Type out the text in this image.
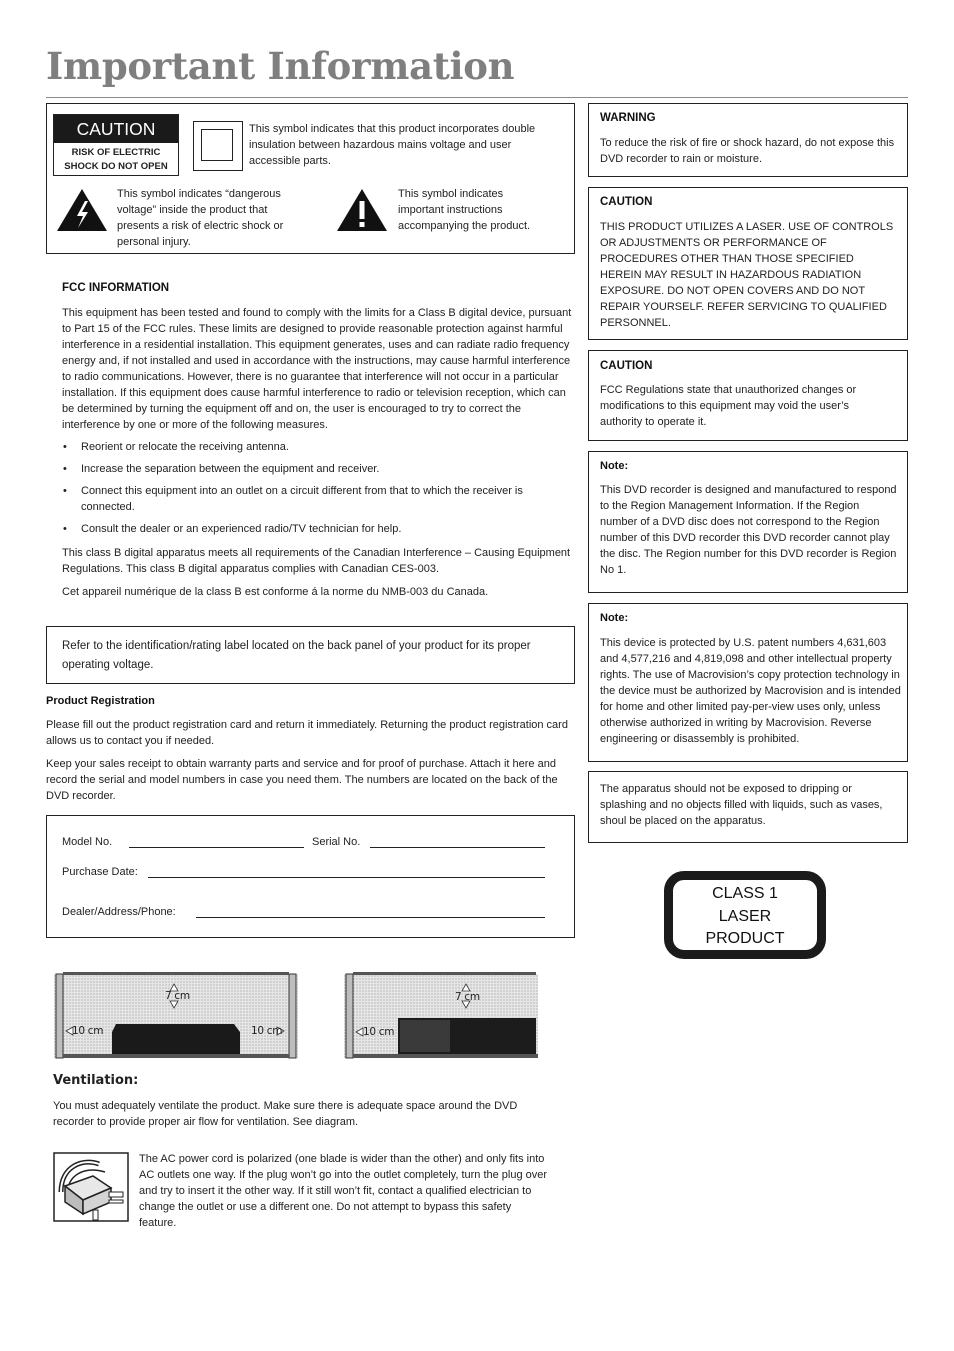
Important Information
CAUTION
RISK OF ELECTRIC
SHOCK DO NOT OPEN

This symbol indicates that this product incorporates double insulation between hazardous mains voltage and user accessible parts.

This symbol indicates “dangerous voltage” inside the product that presents a risk of electric shock or personal injury.

This symbol indicates important instructions accompanying the product.

FCC INFORMATION

This equipment has been tested and found to comply with the limits for a Class B digital device, pursuant to Part 15 of the FCC rules. These limits are designed to provide reasonable protection against harmful interference in a residential installation. This equipment generates, uses and can radiate radio frequency energy and, if not installed and used in accordance with the instructions, may cause harmful interference to radio communications. However, there is no guarantee that interference will not occur in a particular installation. If this equipment does cause harmful interference to radio or television reception, which can be determined by turning the equipment off and on, the user is encouraged to try to correct the interference by one or more of the following measures.

• Reorient or relocate the receiving antenna.
• Increase the separation between the equipment and receiver.
• Connect this equipment into an outlet on a circuit different from that to which the receiver is connected.
• Consult the dealer or an experienced radio/TV technician for help.

This class B digital apparatus meets all requirements of the Canadian Interference – Causing Equipment Regulations. This class B digital apparatus complies with Canadian CES-003.

Cet appareil numérique de la class B est conforme á la norme du NMB-003 du Canada.

Refer to the identification/rating label located on the back panel of your product for its proper operating voltage.

Product Registration

Please fill out the product registration card and return it immediately. Returning the product registration card allows us to contact you if needed.

Keep your sales receipt to obtain warranty parts and service and for proof of purchase. Attach it here and record the serial and model numbers in case you need them. The numbers are located on the back of the DVD recorder.

Model No.	Serial No.
Purchase Date:
Dealer/Address/Phone:
7 cm
10 cm	10 cm
7 cm
10 cm
Ventilation:

You must adequately ventilate the product. Make sure there is adequate space around the DVD recorder to provide proper air flow for ventilation. See diagram.

The AC power cord is polarized (one blade is wider than the other) and only fits into AC outlets one way. If the plug won’t go into the outlet completely, turn the plug over and try to insert it the other way. If it still won’t fit, contact a qualified electrician to change the outlet or use a different one. Do not attempt to bypass this safety feature.

WARNING

To reduce the risk of fire or shock hazard, do not expose this DVD recorder to rain or moisture.

CAUTION

THIS PRODUCT UTILIZES A LASER. USE OF CONTROLS OR ADJUSTMENTS OR PERFORMANCE OF PROCEDURES OTHER THAN THOSE SPECIFIED HEREIN MAY RESULT IN HAZARDOUS RADIATION EXPOSURE. DO NOT OPEN COVERS AND DO NOT REPAIR YOURSELF. REFER SERVICING TO QUALIFIED PERSONNEL.

CAUTION

FCC Regulations state that unauthorized changes or modifications to this equipment may void the user’s authority to operate it.

Note:

This DVD recorder is designed and manufactured to respond to the Region Management Information. If the Region number of a DVD disc does not correspond to the Region number of this DVD recorder this DVD recorder cannot play the disc. The Region number for this DVD recorder is Region No 1.

Note:

This device is protected by U.S. patent numbers 4,631,603 and 4,577,216 and 4,819,098 and other intellectual property rights. The use of Macrovision’s copy protection technology in the device must be authorized by Macrovision and is intended for home and other limited pay-per-view uses only, unless otherwise authorized in writing by Macrovision. Reverse engineering or disassembly is prohibited.

The apparatus should not be exposed to dripping or splashing and no objects filled with liquids, such as vases, shoul be placed on the apparatus.

CLASS 1
LASER
PRODUCT
